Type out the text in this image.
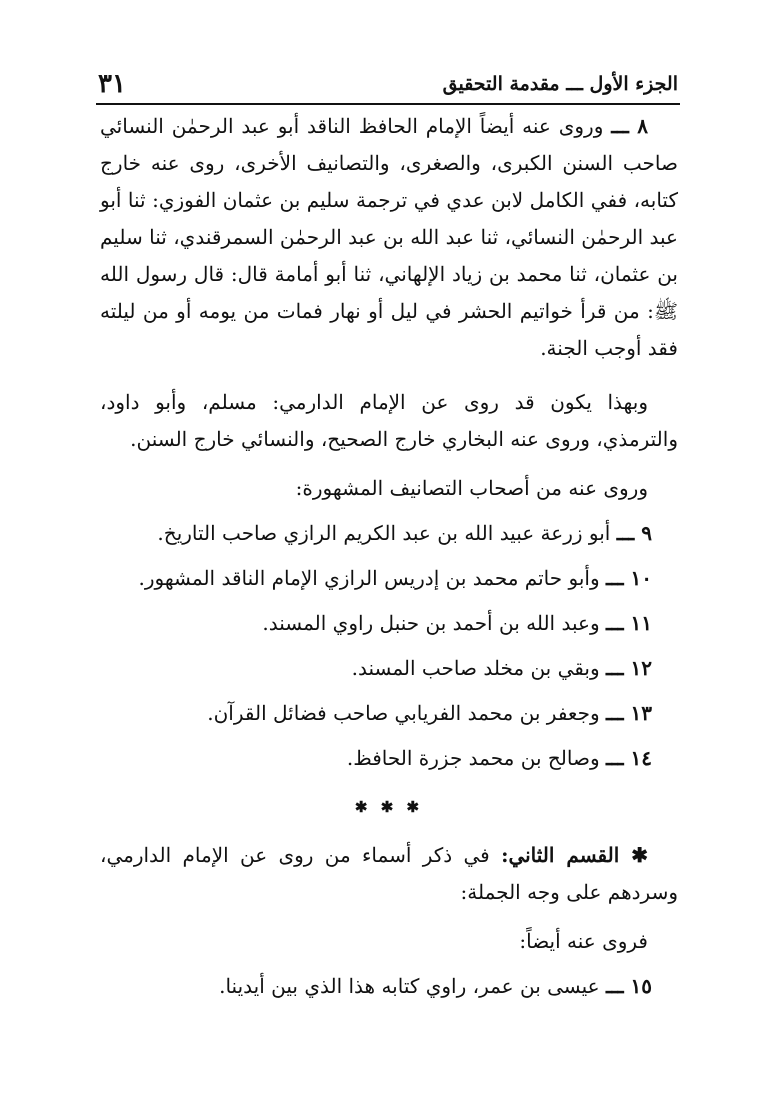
الجزء الأول ـــ مقدمة التحقيق
٣١

٨ ـــ وروى عنه أيضاً الإمام الحافظ الناقد أبو عبد الرحمٰن النسائي صاحب السنن الكبرى، والصغرى، والتصانيف الأخرى، روى عنه خارج كتابه، ففي الكامل لابن عدي في ترجمة سليم بن عثمان الفوزي: ثنا أبو عبد الرحمٰن النسائي، ثنا عبد الله بن عبد الرحمٰن السمرقندي، ثنا سليم بن عثمان، ثنا محمد بن زياد الإلهاني، ثنا أبو أمامة قال: قال رسول الله ﷺ: من قرأ خواتيم الحشر في ليل أو نهار فمات من يومه أو من ليلته فقد أوجب الجنة.

وبهذا يكون قد روى عن الإمام الدارمي: مسلم، وأبو داود، والترمذي، وروى عنه البخاري خارج الصحيح، والنسائي خارج السنن.

وروى عنه من أصحاب التصانيف المشهورة:

٩ ـــ أبو زرعة عبيد الله بن عبد الكريم الرازي صاحب التاريخ.

١٠ ـــ وأبو حاتم محمد بن إدريس الرازي الإمام الناقد المشهور.

١١ ـــ وعبد الله بن أحمد بن حنبل راوي المسند.

١٢ ـــ وبقي بن مخلد صاحب المسند.

١٣ ـــ وجعفر بن محمد الفريابي صاحب فضائل القرآن.

١٤ ـــ وصالح بن محمد جزرة الحافظ.

✱ ✱ ✱

✱ القسم الثاني: في ذكر أسماء من روى عن الإمام الدارمي، وسردهم على وجه الجملة:

فروى عنه أيضاً:

١٥ ـــ عيسى بن عمر، راوي كتابه هذا الذي بين أيدينا.
